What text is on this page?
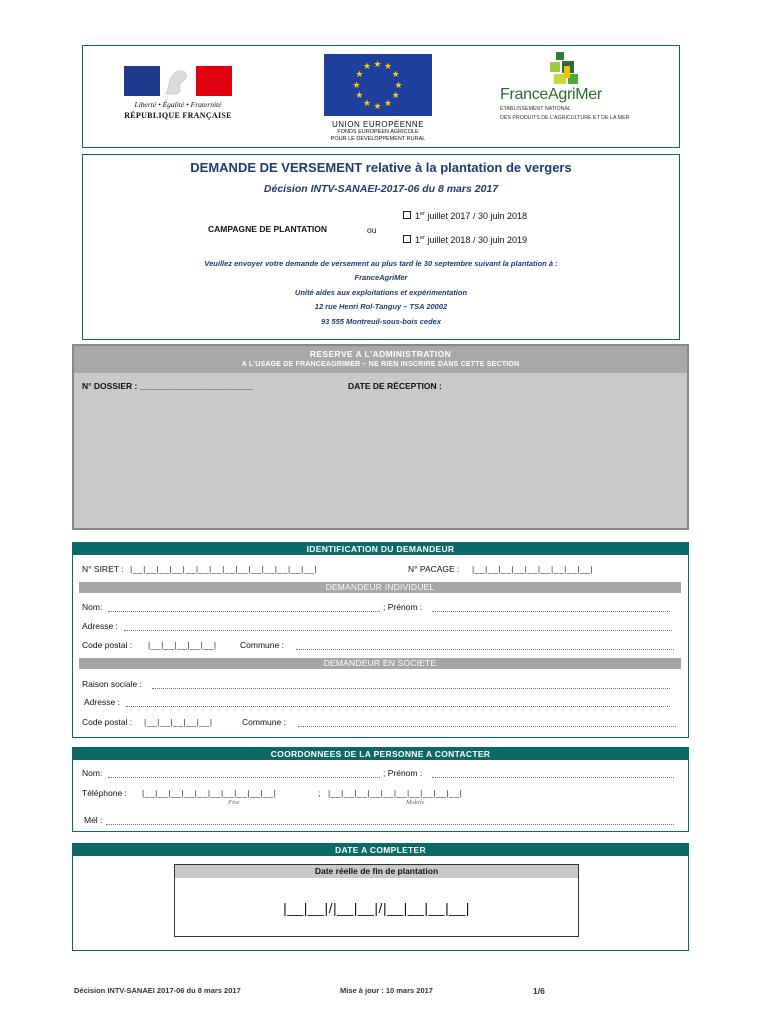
Liberté • Égalité • Fraternité
RÉPUBLIQUE FRANÇAISE
★ ★
★
★
★
★
★
★
★
★
★
★
UNION EUROPÉENNE
FONDS EUROPEEN AGRICOLE
POUR LE DEVELOPPEMENT RURAL
FranceAgriMer
ÉTABLISSEMENT NATIONAL
DES PRODUITS DE L'AGRICULTURE ET DE LA MER
DEMANDE DE VERSEMENT relative à la plantation de vergers
Décision INTV-SANAEI-2017-06 du 8 mars 2017
CAMPAGNE DE PLANTATION	ou
1er juillet 2017 / 30 juin 2018
1er juillet 2018 / 30 juin 2019
Veuillez envoyer votre demande de versement au plus tard le 30 septembre suivant la plantation à :
FranceAgriMer
Unité aides aux exploitations et expérimentation
12 rue Henri Rol-Tanguy – TSA 20002
93 555 Montreuil-sous-bois cedex
RESERVE A L'ADMINISTRATION
A L'USAGE DE FRANCEAGRIMER – NE RIEN INSCRIRE DANS CETTE SECTION
N° DOSSIER : ________________________	DATE DE RÉCEPTION :
IDENTIFICATION DU DEMANDEUR
N° SIRET : |__|__|__|__|__|__|__|__|__|__|__|__|__|__|	N° PACAGE : |__|__|__|__|__|__|__|__|__|
DEMANDEUR INDIVIDUEL
Nom:	; Prénom :
Adresse :
Code postal : |__|__|__|__|__|	Commune :
DEMANDEUR EN SOCIETE
Raison sociale :
Adresse :
Code postal : |__|__|__|__|__|	Commune :
COORDONNEES DE LA PERSONNE A CONTACTER
Nom:	; Prénom :
Téléphone : |__|__|__|__|__|__|__|__|__|__|	; |__|__|__|__|__|__|__|__|__|__|
Fixe	Mobile
Mél :
DATE A COMPLETER
Date réelle de fin de plantation
|__|__|/|__|__|/|__|__|__|__|
Décision INTV-SANAEI 2017-06 du 8 mars 2017	Mise à jour : 10 mars 2017	1/6
